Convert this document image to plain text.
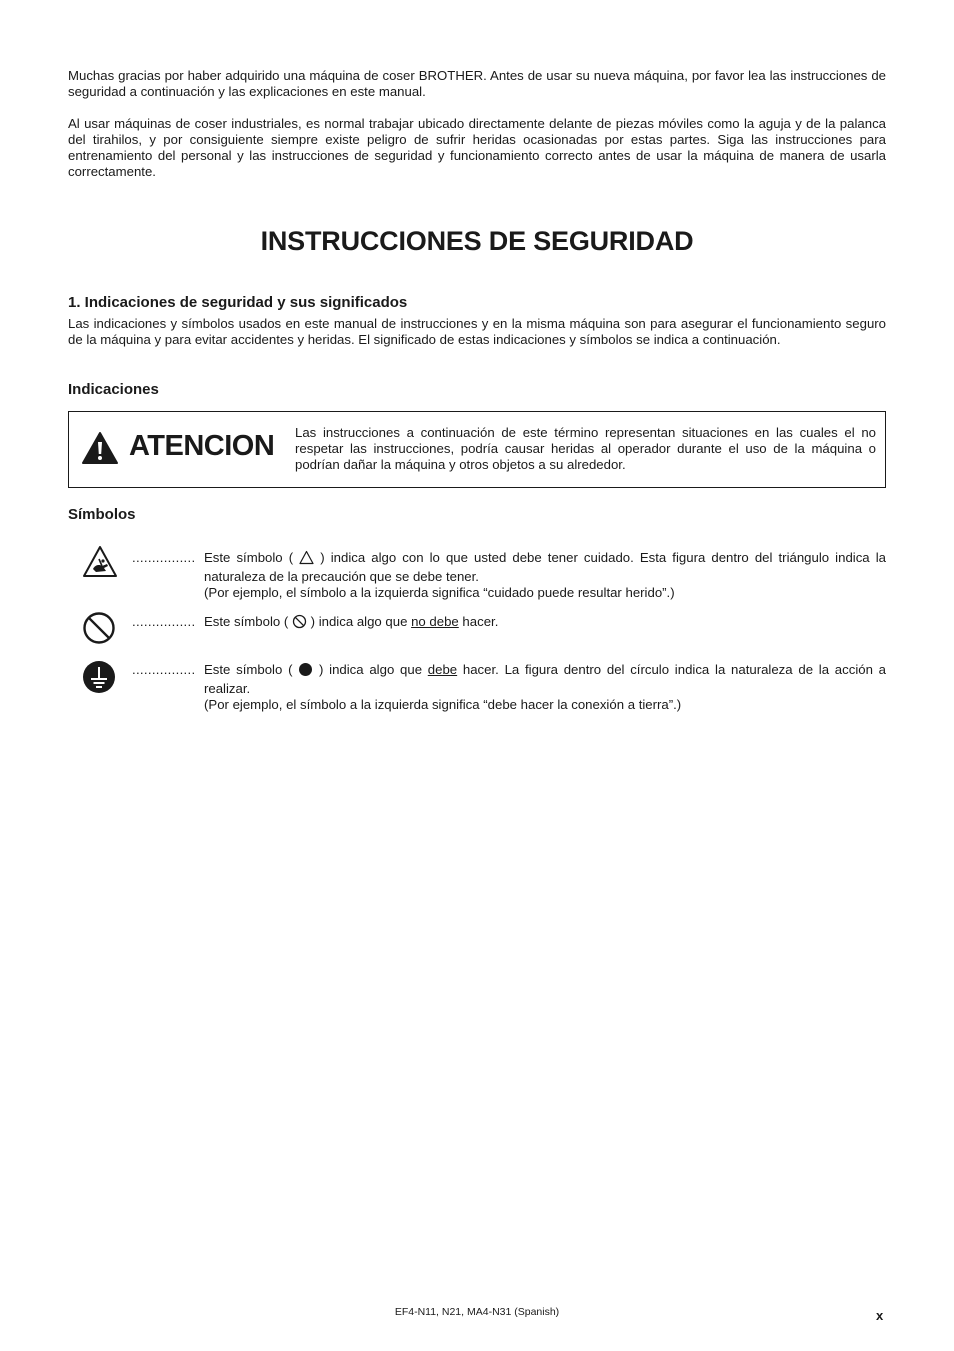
Muchas gracias por haber adquirido una máquina de coser BROTHER. Antes de usar su nueva máquina, por favor lea las instrucciones de seguridad a continuación y las explicaciones en este manual.

Al usar máquinas de coser industriales, es normal trabajar ubicado directamente delante de piezas móviles como la aguja y de la palanca del tirahilos, y por consiguiente siempre existe peligro de sufrir heridas ocasionadas por estas partes. Siga las instrucciones para entrenamiento del personal y las instrucciones de seguridad y funcionamiento correcto antes de usar la máquina de manera de usarla correctamente.

INSTRUCCIONES DE SEGURIDAD
1. Indicaciones de seguridad y sus significados

Las indicaciones y símbolos usados en este manual de instrucciones y en la misma máquina son para asegurar el funcionamiento seguro de la máquina y para evitar accidentes y heridas. El significado de estas indicaciones y símbolos se indica a continuación.

Indicaciones
ATENCION Las instrucciones a continuación de este término representan situaciones en las cuales el no respetar las instrucciones, podría causar heridas al operador durante el uso de la máquina o podrían dañar la máquina y otros objetos a su alrededor.
Símbolos
................ Este símbolo ( ) indica algo con lo que usted debe tener cuidado. Esta figura dentro del triángulo indica la naturaleza de la precaución que se debe tener.
(Por ejemplo, el símbolo a la izquierda significa “cuidado puede resultar herido”.)
................ Este símbolo ( ) indica algo que no debe hacer.
................ Este símbolo ( ) indica algo que debe hacer. La figura dentro del círculo indica la naturaleza de la acción a realizar.
(Por ejemplo, el símbolo a la izquierda significa “debe hacer la conexión a tierra”.)
EF4-N11, N21, MA4-N31 (Spanish)	x
